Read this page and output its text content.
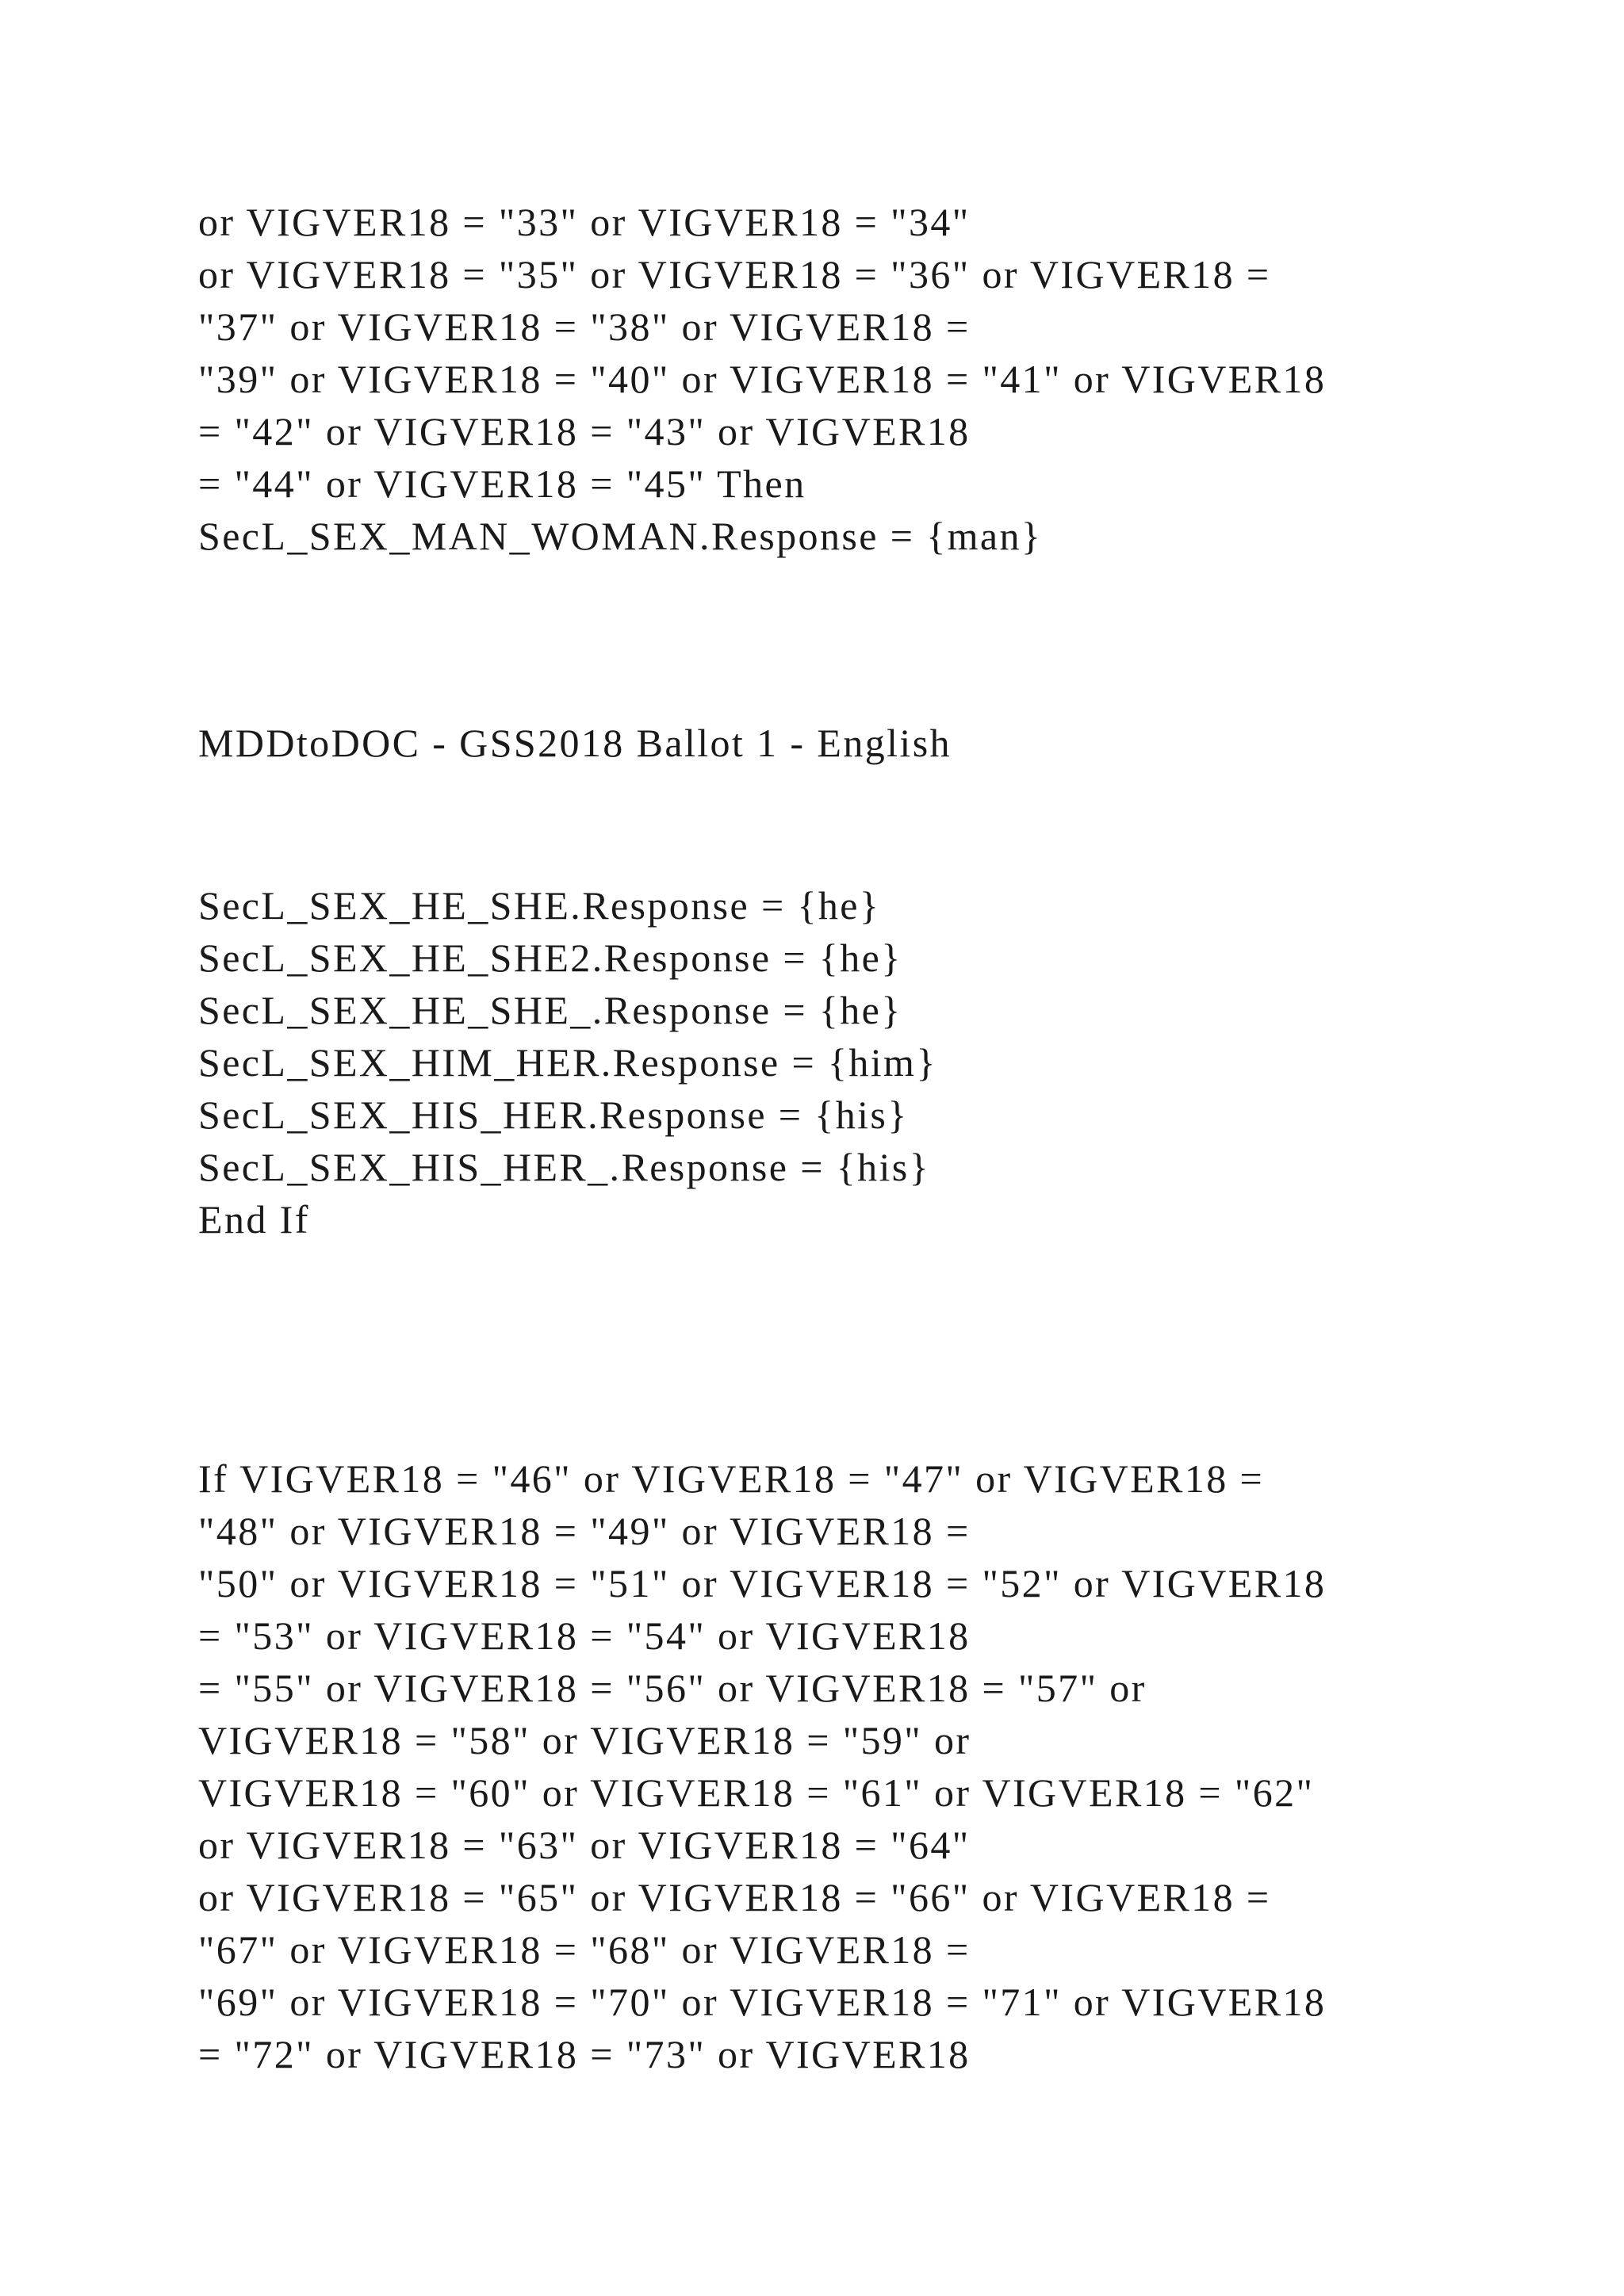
or VIGVER18 = "33" or VIGVER18 = "34"
or VIGVER18 = "35" or VIGVER18 = "36" or VIGVER18 =
"37" or VIGVER18 = "38" or VIGVER18 =
"39" or VIGVER18 = "40" or VIGVER18 = "41" or VIGVER18
= "42" or VIGVER18 = "43" or VIGVER18
= "44" or VIGVER18 = "45" Then
SecL_SEX_MAN_WOMAN.Response = {man}
MDDtoDOC - GSS2018 Ballot 1 - English
SecL_SEX_HE_SHE.Response = {he}
SecL_SEX_HE_SHE2.Response = {he}
SecL_SEX_HE_SHE_.Response = {he}
SecL_SEX_HIM_HER.Response = {him}
SecL_SEX_HIS_HER.Response = {his}
SecL_SEX_HIS_HER_.Response = {his}
End If
If VIGVER18 = "46" or VIGVER18 = "47" or VIGVER18 =
"48" or VIGVER18 = "49" or VIGVER18 =
"50" or VIGVER18 = "51" or VIGVER18 = "52" or VIGVER18
= "53" or VIGVER18 = "54" or VIGVER18
= "55" or VIGVER18 = "56" or VIGVER18 = "57" or
VIGVER18 = "58" or VIGVER18 = "59" or
VIGVER18 = "60" or VIGVER18 = "61" or VIGVER18 = "62"
or VIGVER18 = "63" or VIGVER18 = "64"
or VIGVER18 = "65" or VIGVER18 = "66" or VIGVER18 =
"67" or VIGVER18 = "68" or VIGVER18 =
"69" or VIGVER18 = "70" or VIGVER18 = "71" or VIGVER18
= "72" or VIGVER18 = "73" or VIGVER18
